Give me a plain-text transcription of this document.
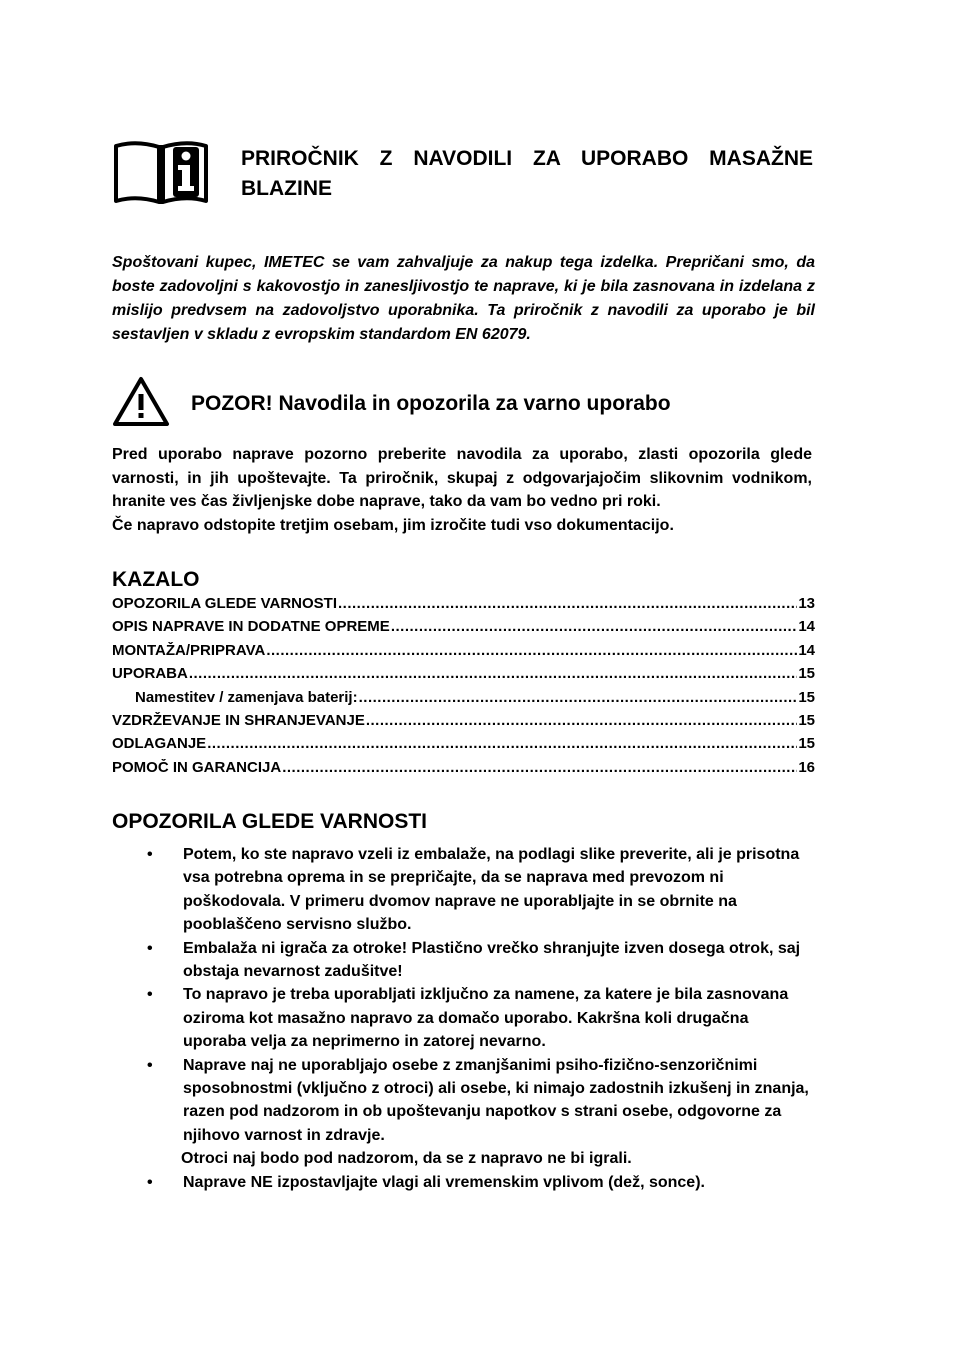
PRIROČNIK Z NAVODILI ZA UPORABO MASAŽNE BLAZINE

Spoštovani kupec, IMETEC se vam zahvaljuje za nakup tega izdelka. Prepričani smo, da boste zadovoljni s kakovostjo in zanesljivostjo te naprave, ki je bila zasnovana in izdelana z mislijo predvsem na zadovoljstvo uporabnika. Ta priročnik z navodili za uporabo je bil sestavljen v skladu z evropskim standardom EN 62079.

POZOR! Navodila in opozorila za varno uporabo
Pred uporabo naprave pozorno preberite navodila za uporabo, zlasti opozorila glede varnosti, in jih upoštevajte. Ta priročnik, skupaj z odgovarjajočim slikovnim vodnikom, hranite ves čas življenjske dobe naprave, tako da vam bo vedno pri roki.
Če napravo odstopite tretjim osebam, jim izročite tudi vso dokumentacijo.
KAZALO
OPOZORILA GLEDE VARNOSTI .....	13
OPIS NAPRAVE IN DODATNE OPREME .....	14
MONTAŽA/PRIPRAVA .....	14
UPORABA .....	15
Namestitev / zamenjava baterij: .....	15
VZDRŽEVANJE IN SHRANJEVANJE .....	15
ODLAGANJE .....	15
POMOČ IN GARANCIJA .....	16
OPOZORILA GLEDE VARNOSTI
• Potem, ko ste napravo vzeli iz embalaže, na podlagi slike preverite, ali je prisotna vsa potrebna oprema in se prepričajte, da se naprava med prevozom ni poškodovala. V primeru dvomov naprave ne uporabljajte in se obrnite na pooblaščeno servisno službo.
• Embalaža ni igrača za otroke! Plastično vrečko shranjujte izven dosega otrok, saj obstaja nevarnost zadušitve!
• To napravo je treba uporabljati izključno za namene, za katere je bila zasnovana oziroma kot masažno napravo za domačo uporabo. Kakršna koli drugačna uporaba velja za neprimerno in zatorej nevarno.
• Naprave naj ne uporabljajo osebe z zmanjšanimi psiho-fizično-senzoričnimi sposobnostmi (vključno z otroci) ali osebe, ki nimajo zadostnih izkušenj in znanja, razen pod nadzorom in ob upoštevanju napotkov s strani osebe, odgovorne za njihovo varnost in zdravje.
Otroci naj bodo pod nadzorom, da se z napravo ne bi igrali.
• Naprave NE izpostavljajte vlagi ali vremenskim vplivom (dež, sonce).
